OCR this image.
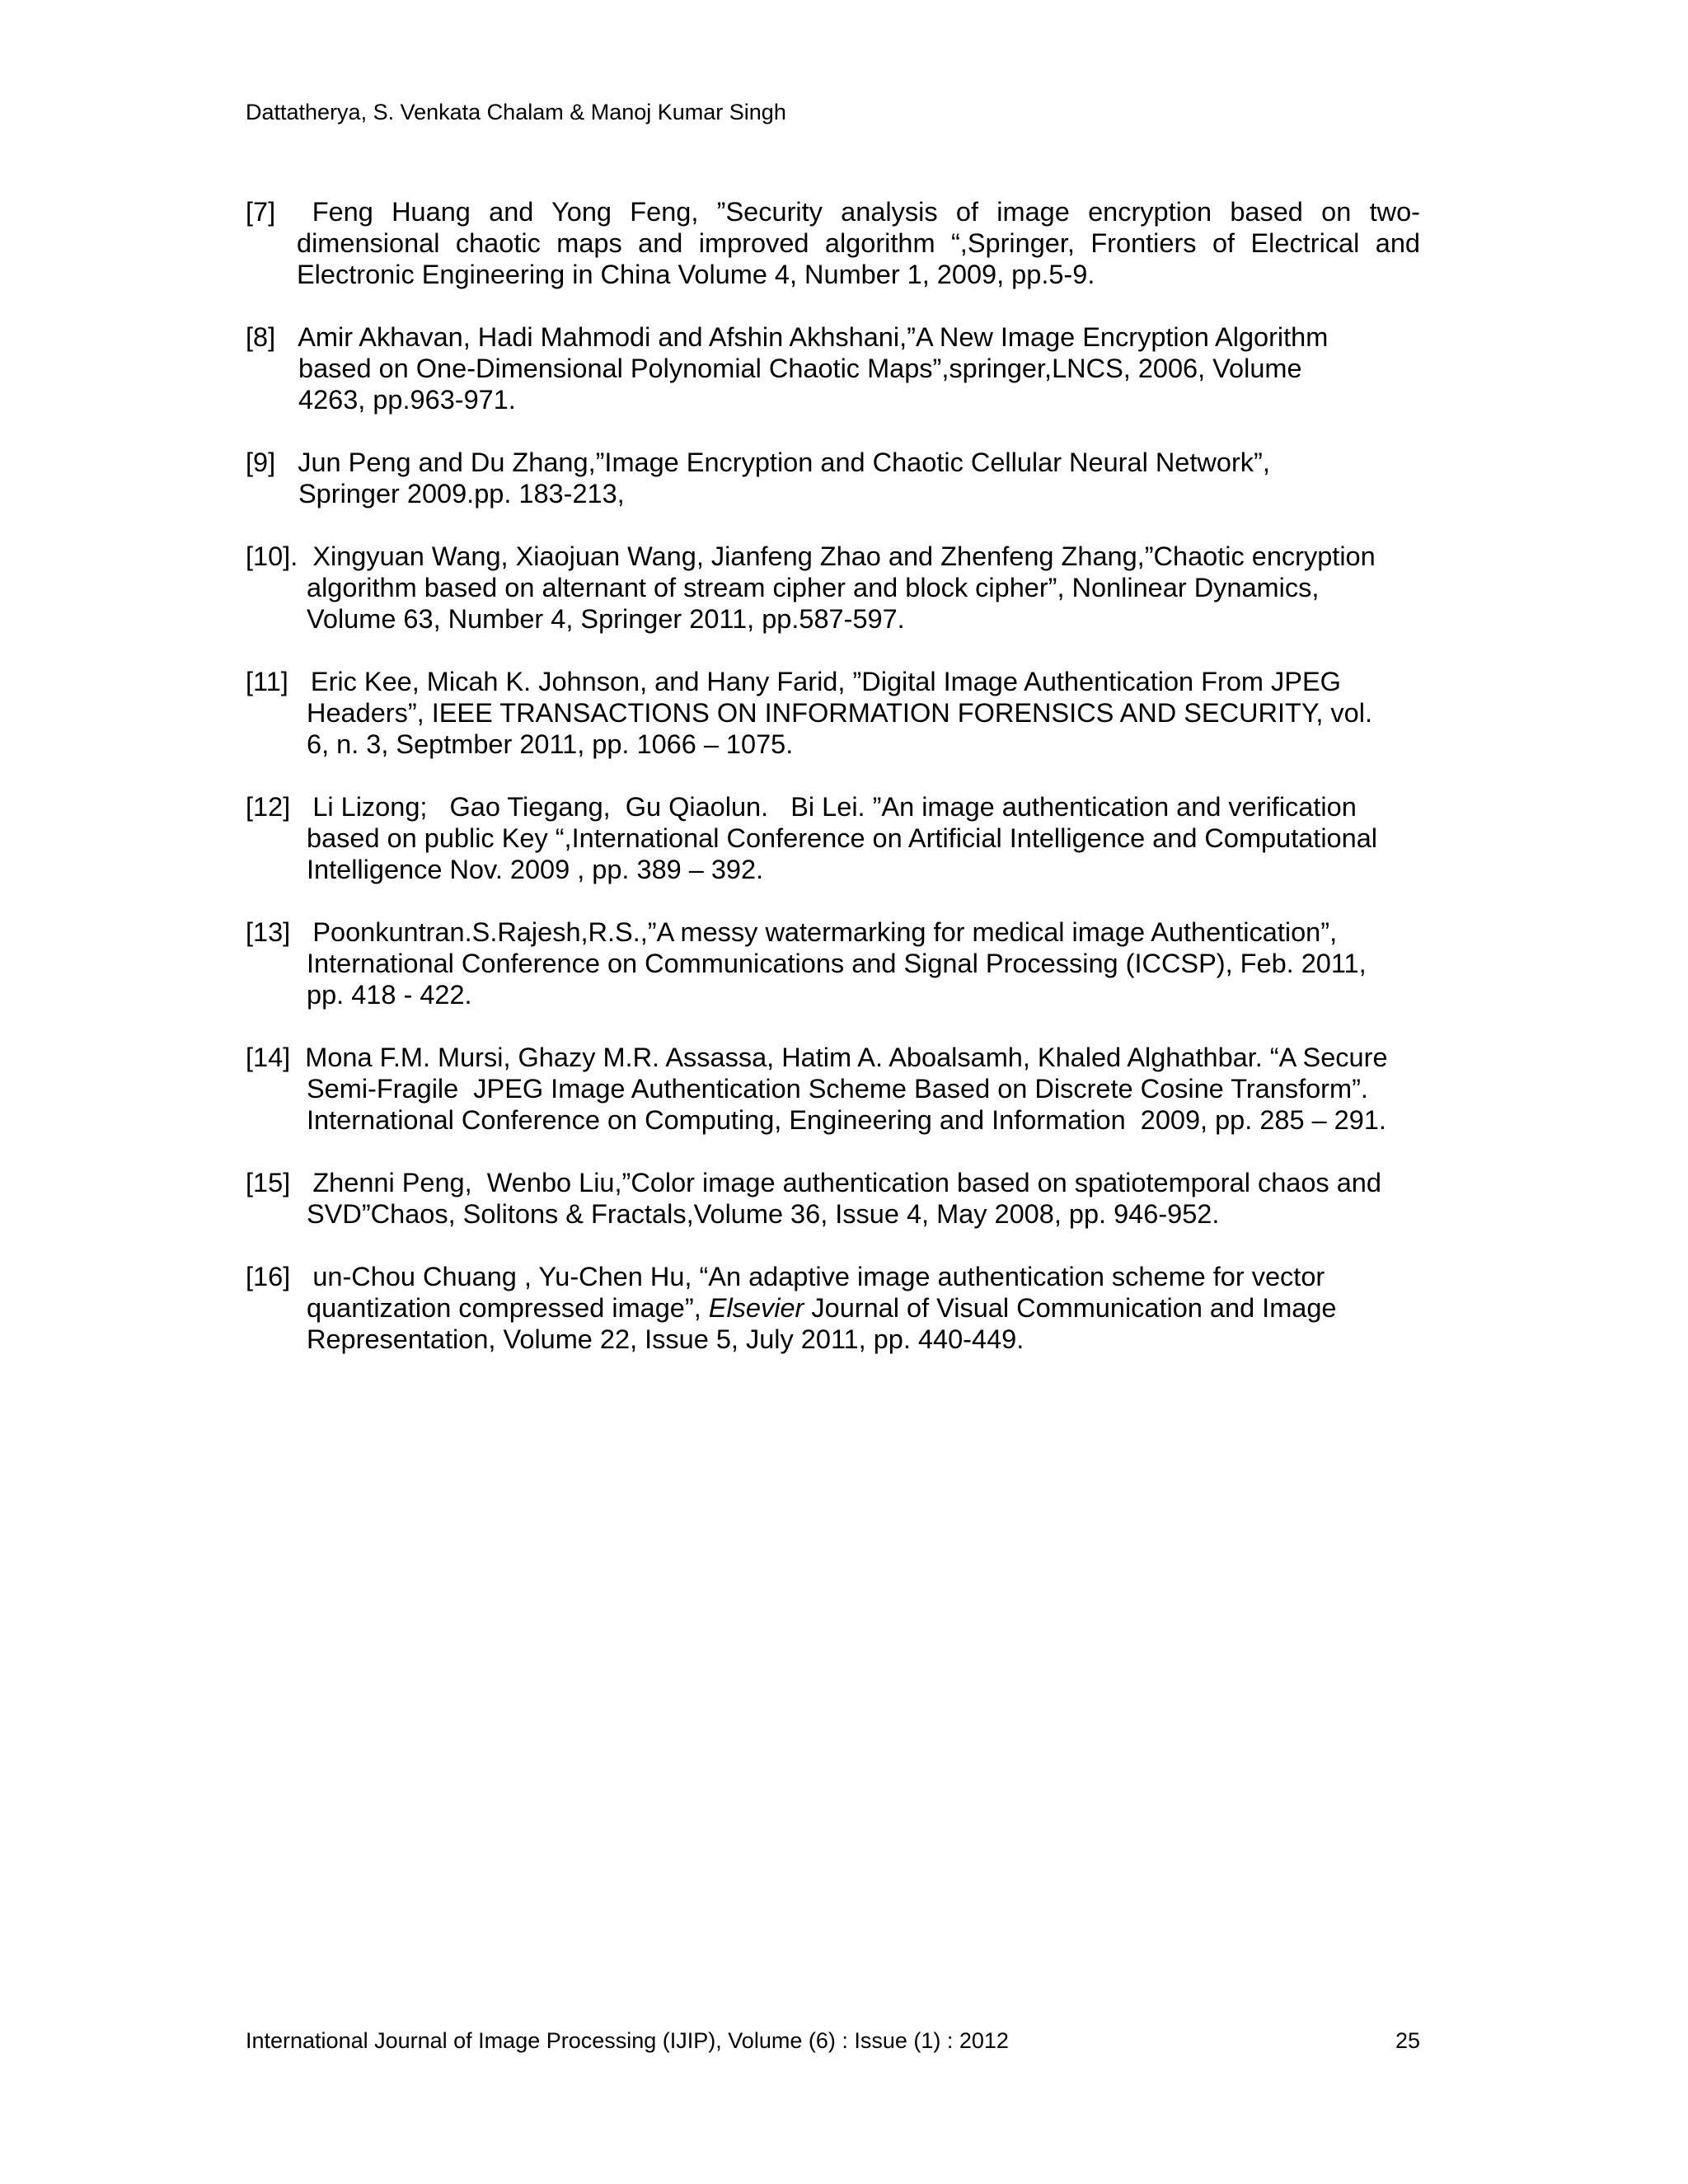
Dattatherya, S. Venkata Chalam & Manoj Kumar Singh
[7] Feng Huang and Yong Feng, ”Security analysis of image encryption based on two-
dimensional chaotic maps and improved algorithm “,Springer, Frontiers of Electrical and
Electronic Engineering in China Volume 4, Number 1, 2009, pp.5-9.
[8] Amir Akhavan, Hadi Mahmodi and Afshin Akhshani,”A New Image Encryption Algorithm
based on One-Dimensional Polynomial Chaotic Maps”,springer,LNCS, 2006, Volume
4263, pp.963-971.
[9] Jun Peng and Du Zhang,”Image Encryption and Chaotic Cellular Neural Network”,
Springer 2009.pp. 183-213,
[10]. Xingyuan Wang, Xiaojuan Wang, Jianfeng Zhao and Zhenfeng Zhang,”Chaotic encryption
algorithm based on alternant of stream cipher and block cipher”, Nonlinear Dynamics,
Volume 63, Number 4, Springer 2011, pp.587-597.
[11] Eric Kee, Micah K. Johnson, and Hany Farid, ”Digital Image Authentication From JPEG
Headers”, IEEE TRANSACTIONS ON INFORMATION FORENSICS AND SECURITY, vol.
6, n. 3, Septmber 2011, pp. 1066 – 1075.
[12] Li Lizong;   Gao Tiegang,  Gu Qiaolun.   Bi Lei. ”An image authentication and verification
based on public Key “,International Conference on Artificial Intelligence and Computational
Intelligence Nov. 2009 , pp. 389 – 392.
[13] Poonkuntran.S.Rajesh,R.S.,”A messy watermarking for medical image Authentication”,
International Conference on Communications and Signal Processing (ICCSP), Feb. 2011,
pp. 418 - 422.
[14] Mona F.M. Mursi, Ghazy M.R. Assassa, Hatim A. Aboalsamh, Khaled Alghathbar. “A Secure
Semi-Fragile  JPEG Image Authentication Scheme Based on Discrete Cosine Transform”.
International Conference on Computing, Engineering and Information  2009, pp. 285 – 291.
[15] Zhenni Peng,  Wenbo Liu,”Color image authentication based on spatiotemporal chaos and
SVD”Chaos, Solitons & Fractals,Volume 36, Issue 4, May 2008, pp. 946-952.
[16] un-Chou Chuang , Yu-Chen Hu, “An adaptive image authentication scheme for vector
quantization compressed image”, Elsevier Journal of Visual Communication and Image
Representation, Volume 22, Issue 5, July 2011, pp. 440-449.
International Journal of Image Processing (IJIP), Volume (6) : Issue (1) : 2012	25
